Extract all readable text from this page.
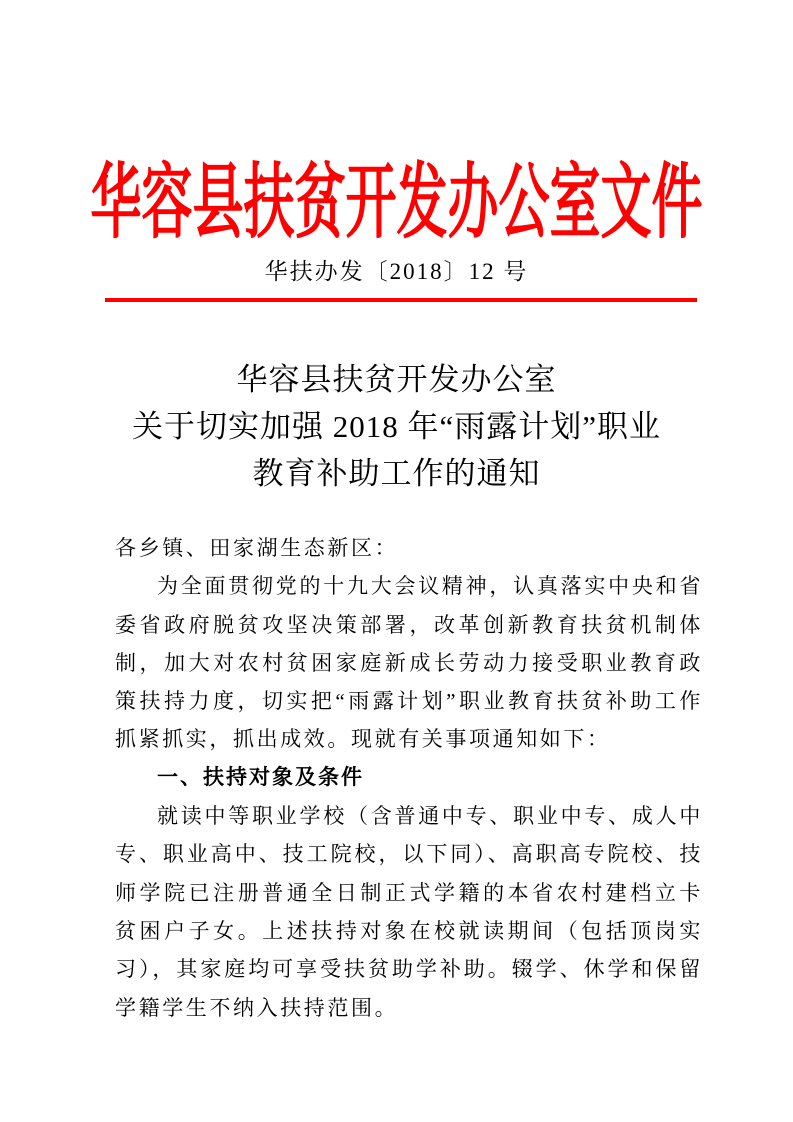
华容县扶贫开发办公室文件
华扶办发〔2018〕12 号
华容县扶贫开发办公室
关于切实加强 2018 年“雨露计划”职业
教育补助工作的通知

各乡镇、田家湖生态新区：

为全面贯彻党的十九大会议精神，认真落实中央和省委省政府脱贫攻坚决策部署，改革创新教育扶贫机制体制，加大对农村贫困家庭新成长劳动力接受职业教育政策扶持力度，切实把“雨露计划”职业教育扶贫补助工作抓紧抓实，抓出成效。现就有关事项通知如下：

一、扶持对象及条件

就读中等职业学校（含普通中专、职业中专、成人中专、职业高中、技工院校，以下同）、高职高专院校、技师学院已注册普通全日制正式学籍的本省农村建档立卡贫困户子女。上述扶持对象在校就读期间（包括顶岗实习），其家庭均可享受扶贫助学补助。辍学、休学和保留学籍学生不纳入扶持范围。
